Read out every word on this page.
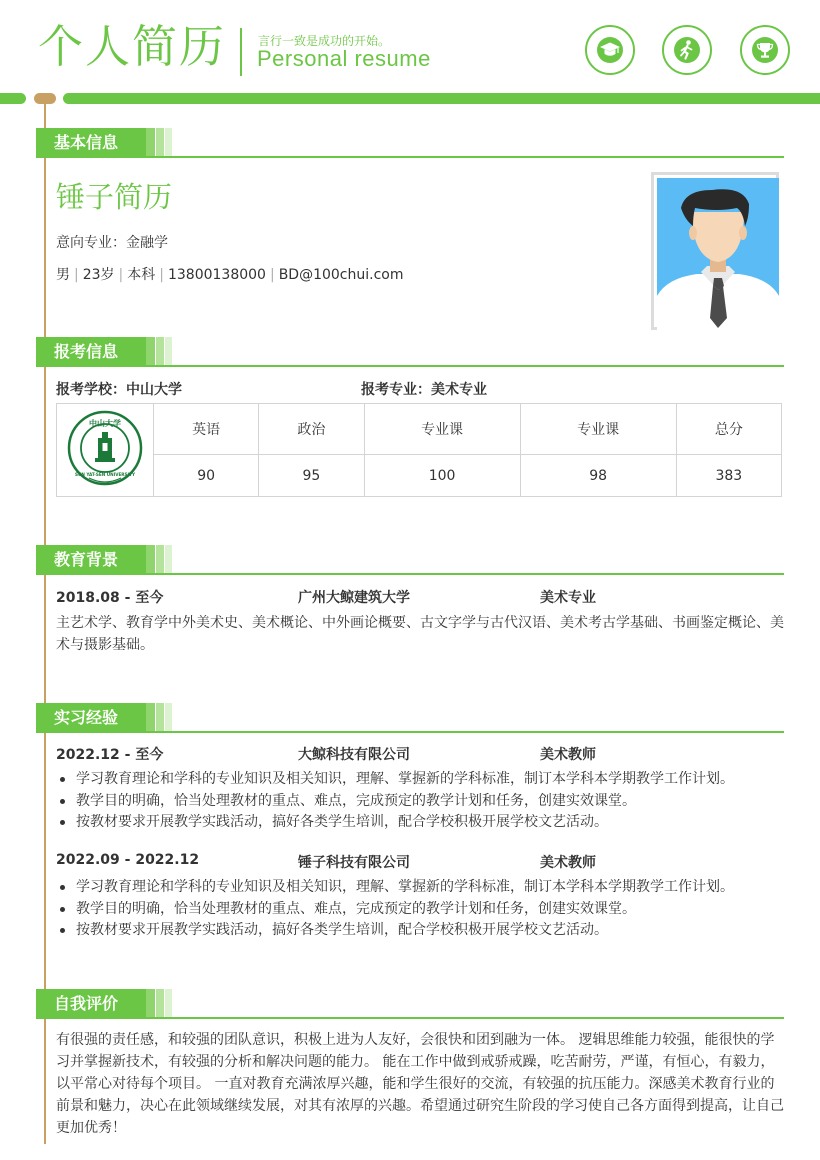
个人简历	言行一致是成功的开始。
Personal resume
基本信息
锤子简历
意向专业：金融学
男 | 23岁 | 本科 | 13800138000 | BD@100chui.com
报考信息
报考学校：中山大学	报考专业：美术专业
中山大学
SUN YAT-SEN UNIVERSITY	英语	政治	专业课	专业课	总分
	90	95	100	98	383
教育背景
2018.08 - 至今	广州大鲸建筑大学	美术专业
主艺术学、教育学中外美术史、美术概论、中外画论概要、古文字学与古代汉语、美术考古学基础、书画鉴定概论、美术与摄影基础。
实习经验
2022.12 - 至今	大鲸科技有限公司	美术教师
学习教育理论和学科的专业知识及相关知识，理解、掌握新的学科标准，制订本学科本学期教学工作计划。
教学目的明确，恰当处理教材的重点、难点，完成预定的教学计划和任务，创建实效课堂。
按教材要求开展教学实践活动，搞好各类学生培训，配合学校积极开展学校文艺活动。
2022.09 - 2022.12	锤子科技有限公司	美术教师
学习教育理论和学科的专业知识及相关知识，理解、掌握新的学科标准，制订本学科本学期教学工作计划。
教学目的明确，恰当处理教材的重点、难点，完成预定的教学计划和任务，创建实效课堂。
按教材要求开展教学实践活动，搞好各类学生培训，配合学校积极开展学校文艺活动。
自我评价
有很强的责任感，和较强的团队意识，积极上进为人友好，会很快和团到融为一体。 逻辑思维能力较强，能很快的学习并掌握新技术，有较强的分析和解决问题的能力。 能在工作中做到戒骄戒躁，吃苦耐劳，严谨，有恒心，有毅力，以平常心对待每个项目。 一直对教育充满浓厚兴趣，能和学生很好的交流，有较强的抗压能力。深感美术教育行业的前景和魅力，决心在此领域继续发展，对其有浓厚的兴趣。希望通过研究生阶段的学习使自己各方面得到提高，让自己更加优秀！
